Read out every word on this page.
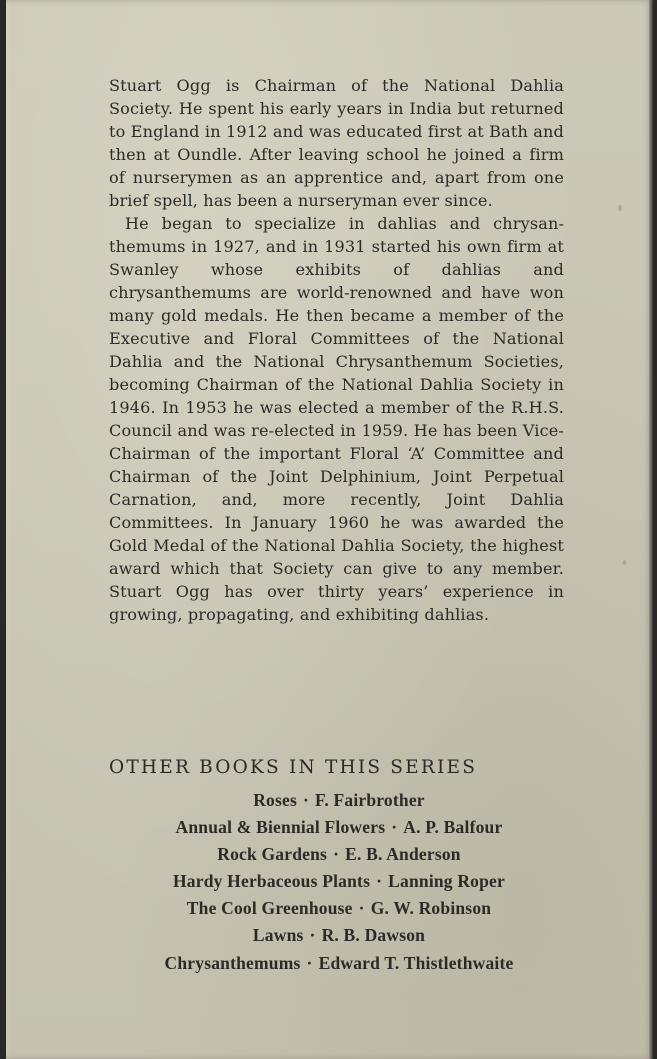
Stuart Ogg is Chairman of the National Dahlia Society. He spent his early years in India but returned to England in 1912 and was educated first at Bath and then at Oundle. After leaving school he joined a firm of nurserymen as an apprentice and, apart from one brief spell, has been a nurseryman ever since.

He began to specialize in dahlias and chrysanthemums in 1927, and in 1931 started his own firm at Swanley whose exhibits of dahlias and chrysanthemums are world-renowned and have won many gold medals. He then became a member of the Executive and Floral Committees of the National Dahlia and the National Chrysanthemum Societies, becoming Chairman of the National Dahlia Society in 1946. In 1953 he was elected a member of the R.H.S. Council and was re-elected in 1959. He has been Vice-Chairman of the important Floral ‘A’ Committee and Chairman of the Joint Delphinium, Joint Perpetual Carnation, and, more recently, Joint Dahlia Committees. In January 1960 he was awarded the Gold Medal of the National Dahlia Society, the highest award which that Society can give to any member. Stuart Ogg has over thirty years’ experience in growing, propagating, and exhibiting dahlias.

OTHER BOOKS IN THIS SERIES
Roses · F. Fairbrother
Annual & Biennial Flowers · A. P. Balfour
Rock Gardens · E. B. Anderson
Hardy Herbaceous Plants · Lanning Roper
The Cool Greenhouse · G. W. Robinson
Lawns · R. B. Dawson
Chrysanthemums · Edward T. Thistlethwaite
